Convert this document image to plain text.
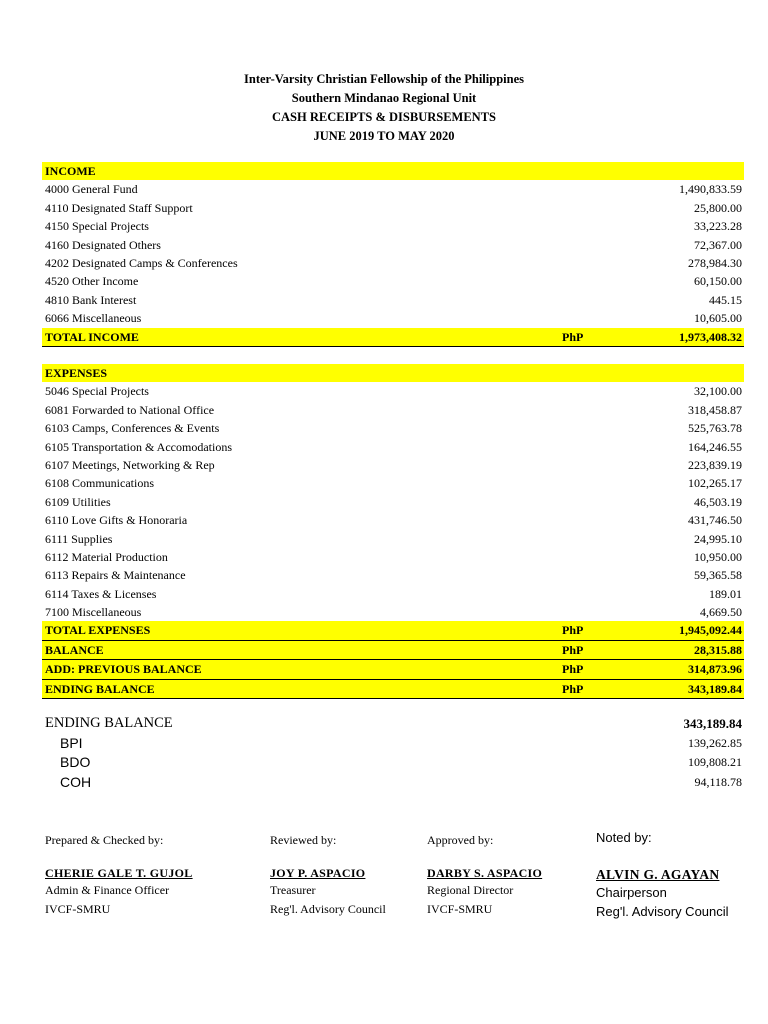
Inter-Varsity Christian Fellowship of the Philippines
Southern Mindanao Regional Unit
CASH RECEIPTS & DISBURSEMENTS
JUNE 2019 TO MAY 2020
INCOME
4000 General Fund	1,490,833.59
4110 Designated Staff Support	25,800.00
4150 Special Projects	33,223.28
4160 Designated Others	72,367.00
4202 Designated Camps & Conferences	278,984.30
4520 Other Income	60,150.00
4810 Bank Interest	445.15
6066 Miscellaneous	10,605.00
TOTAL INCOME	PhP	1,973,408.32
EXPENSES
5046 Special Projects	32,100.00
6081 Forwarded to National Office	318,458.87
6103 Camps, Conferences & Events	525,763.78
6105 Transportation & Accomodations	164,246.55
6107 Meetings, Networking & Rep	223,839.19
6108 Communications	102,265.17
6109 Utilities	46,503.19
6110 Love Gifts & Honoraria	431,746.50
6111 Supplies	24,995.10
6112 Material Production	10,950.00
6113 Repairs & Maintenance	59,365.58
6114 Taxes & Licenses	189.01
7100 Miscellaneous	4,669.50
TOTAL EXPENSES	PhP	1,945,092.44
BALANCE	PhP	28,315.88
ADD: PREVIOUS BALANCE	PhP	314,873.96
ENDING BALANCE	PhP	343,189.84
ENDING BALANCE	343,189.84
BPI	139,262.85
BDO	109,808.21
COH	94,118.78
Prepared & Checked by:
CHERIE GALE T. GUJOL
Admin & Finance Officer
IVCF-SMRU
Reviewed by:
JOY P. ASPACIO
Treasurer
Reg'l. Advisory Council
Approved by:
DARBY S. ASPACIO
Regional Director
IVCF-SMRU
Noted by:
ALVIN G. AGAYAN
Chairperson
Reg'l. Advisory Council
